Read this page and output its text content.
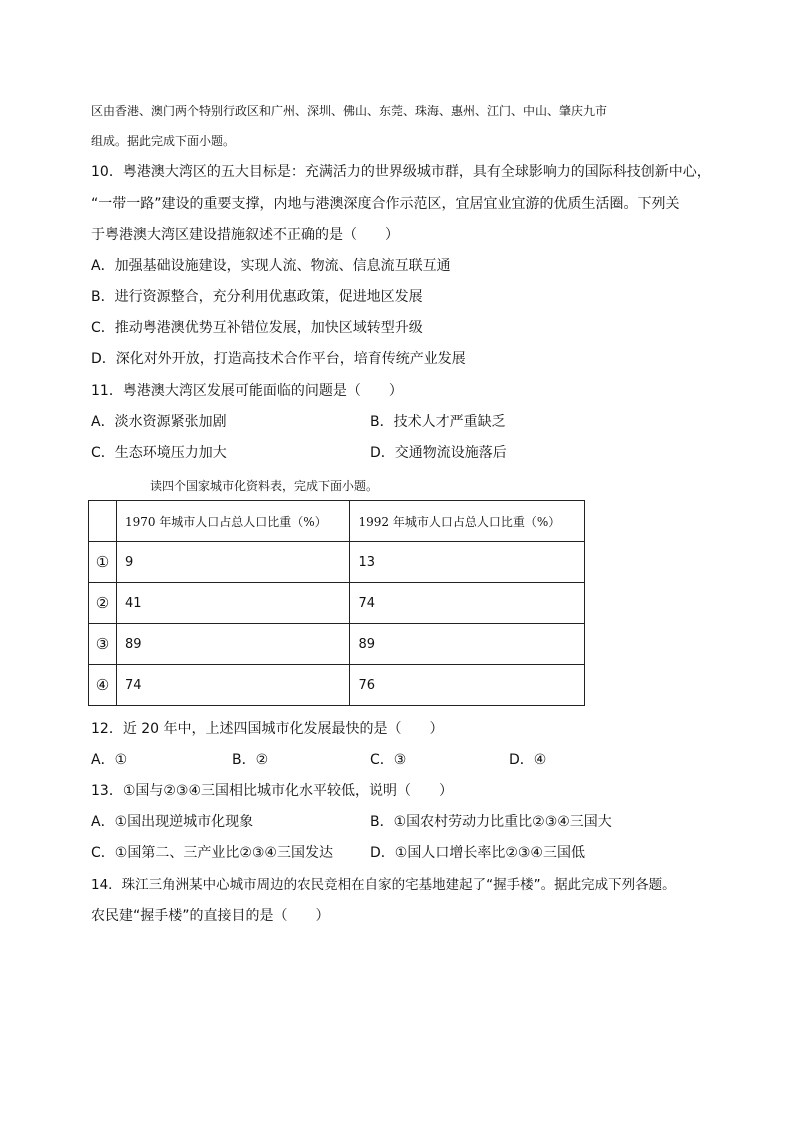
区由香港、澳门两个特别行政区和广州、深圳、佛山、东莞、珠海、惠州、江门、中山、肇庆九市
组成。据此完成下面小题。
10．粤港澳大湾区的五大目标是：充满活力的世界级城市群，具有全球影响力的国际科技创新中心，
“一带一路”建设的重要支撑，内地与港澳深度合作示范区，宜居宜业宜游的优质生活圈。下列关
于粤港澳大湾区建设措施叙述不正确的是（　　）
A．加强基础设施建设，实现人流、物流、信息流互联互通
B．进行资源整合，充分利用优惠政策，促进地区发展
C．推动粤港澳优势互补错位发展，加快区域转型升级
D．深化对外开放，打造高技术合作平台，培育传统产业发展
11．粤港澳大湾区发展可能面临的问题是（　　）
A．淡水资源紧张加剧	B．技术人才严重缺乏
C．生态环境压力加大	D．交通物流设施落后
读四个国家城市化资料表，完成下面小题。
	1970 年城市人口占总人口比重（%）	1992 年城市人口占总人口比重（%）
①	9	13
②	41	74
③	89	89
④	74	76
12．近 20 年中，上述四国城市化发展最快的是（　　）
A．①	B．②	C．③	D．④
13．①国与②③④三国相比城市化水平较低，说明（　　）
A．①国出现逆城市化现象	B．①国农村劳动力比重比②③④三国大
C．①国第二、三产业比②③④三国发达	D．①国人口增长率比②③④三国低
14．珠江三角洲某中心城市周边的农民竞相在自家的宅基地建起了“握手楼”。据此完成下列各题。
农民建“握手楼”的直接目的是（　　）
